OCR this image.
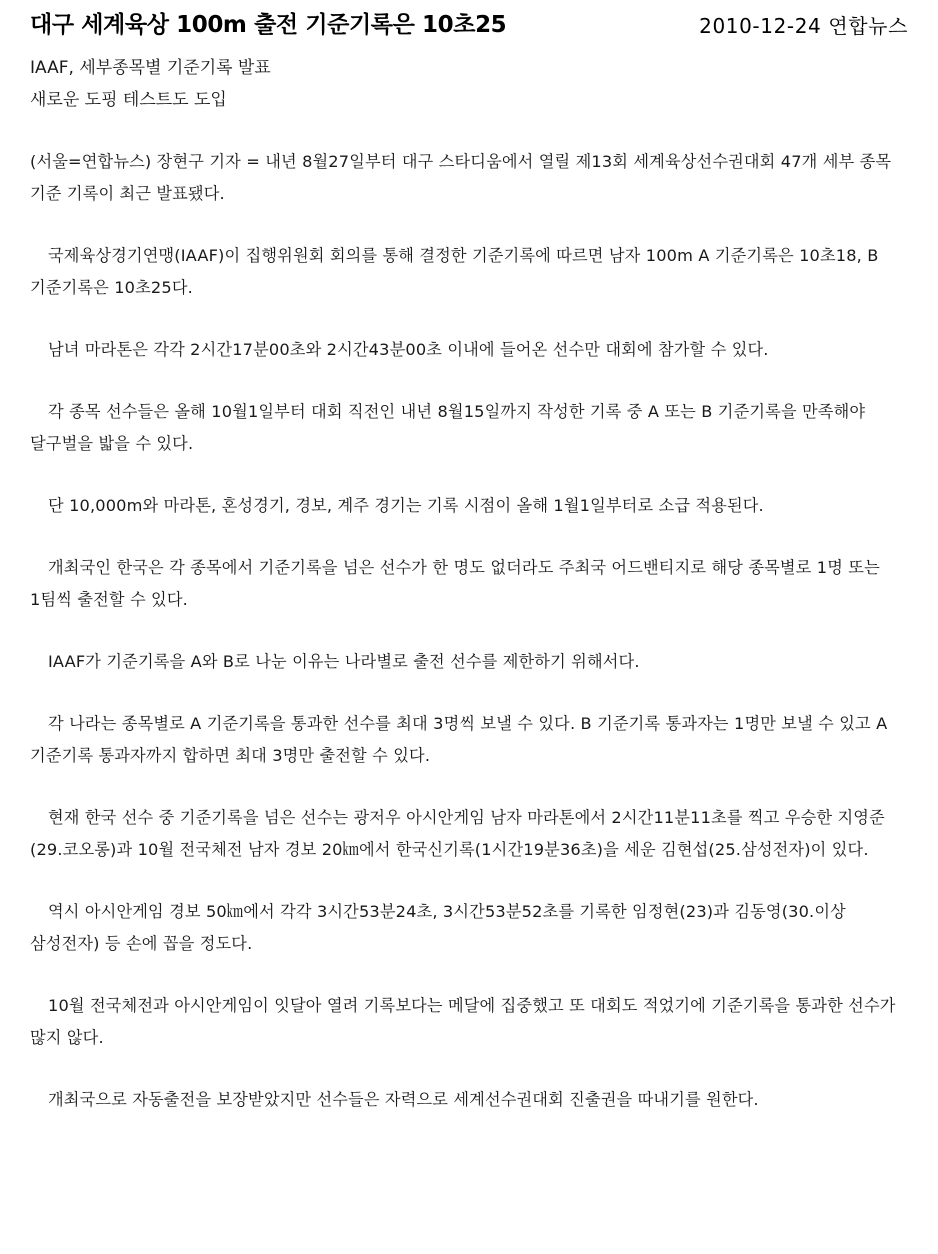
대구 세계육상 100m 출전 기준기록은 10초25	2010-12-24 연합뉴스
IAAF, 세부종목별 기준기록 발표
새로운 도핑 테스트도 도입

(서울=연합뉴스) 장현구 기자 = 내년 8월27일부터 대구 스타디움에서 열릴 제13회 세계육상선수권대회 47개 세부 종목 기준 기록이 최근 발표됐다.

국제육상경기연맹(IAAF)이 집행위원회 회의를 통해 결정한 기준기록에 따르면 남자 100m A 기준기록은 10초18, B 기준기록은 10초25다.

남녀 마라톤은 각각 2시간17분00초와 2시간43분00초 이내에 들어온 선수만 대회에 참가할 수 있다.

각 종목 선수들은 올해 10월1일부터 대회 직전인 내년 8월15일까지 작성한 기록 중 A 또는 B 기준기록을 만족해야 달구벌을 밟을 수 있다.

단 10,000m와 마라톤, 혼성경기, 경보, 계주 경기는 기록 시점이 올해 1월1일부터로 소급 적용된다.

개최국인 한국은 각 종목에서 기준기록을 넘은 선수가 한 명도 없더라도 주최국 어드밴티지로 해당 종목별로 1명 또는 1팀씩 출전할 수 있다.

IAAF가 기준기록을 A와 B로 나눈 이유는 나라별로 출전 선수를 제한하기 위해서다.

각 나라는 종목별로 A 기준기록을 통과한 선수를 최대 3명씩 보낼 수 있다. B 기준기록 통과자는 1명만 보낼 수 있고 A 기준기록 통과자까지 합하면 최대 3명만 출전할 수 있다.

현재 한국 선수 중 기준기록을 넘은 선수는 광저우 아시안게임 남자 마라톤에서 2시간11분11초를 찍고 우승한 지영준(29.코오롱)과 10월 전국체전 남자 경보 20㎞에서 한국신기록(1시간19분36초)을 세운 김현섭(25.삼성전자)이 있다.

역시 아시안게임 경보 50㎞에서 각각 3시간53분24초, 3시간53분52초를 기록한 임정현(23)과 김동영(30.이상 삼성전자) 등 손에 꼽을 정도다.

10월 전국체전과 아시안게임이 잇달아 열려 기록보다는 메달에 집중했고 또 대회도 적었기에 기준기록을 통과한 선수가 많지 않다.

개최국으로 자동출전을 보장받았지만 선수들은 자력으로 세계선수권대회 진출권을 따내기를 원한다.
